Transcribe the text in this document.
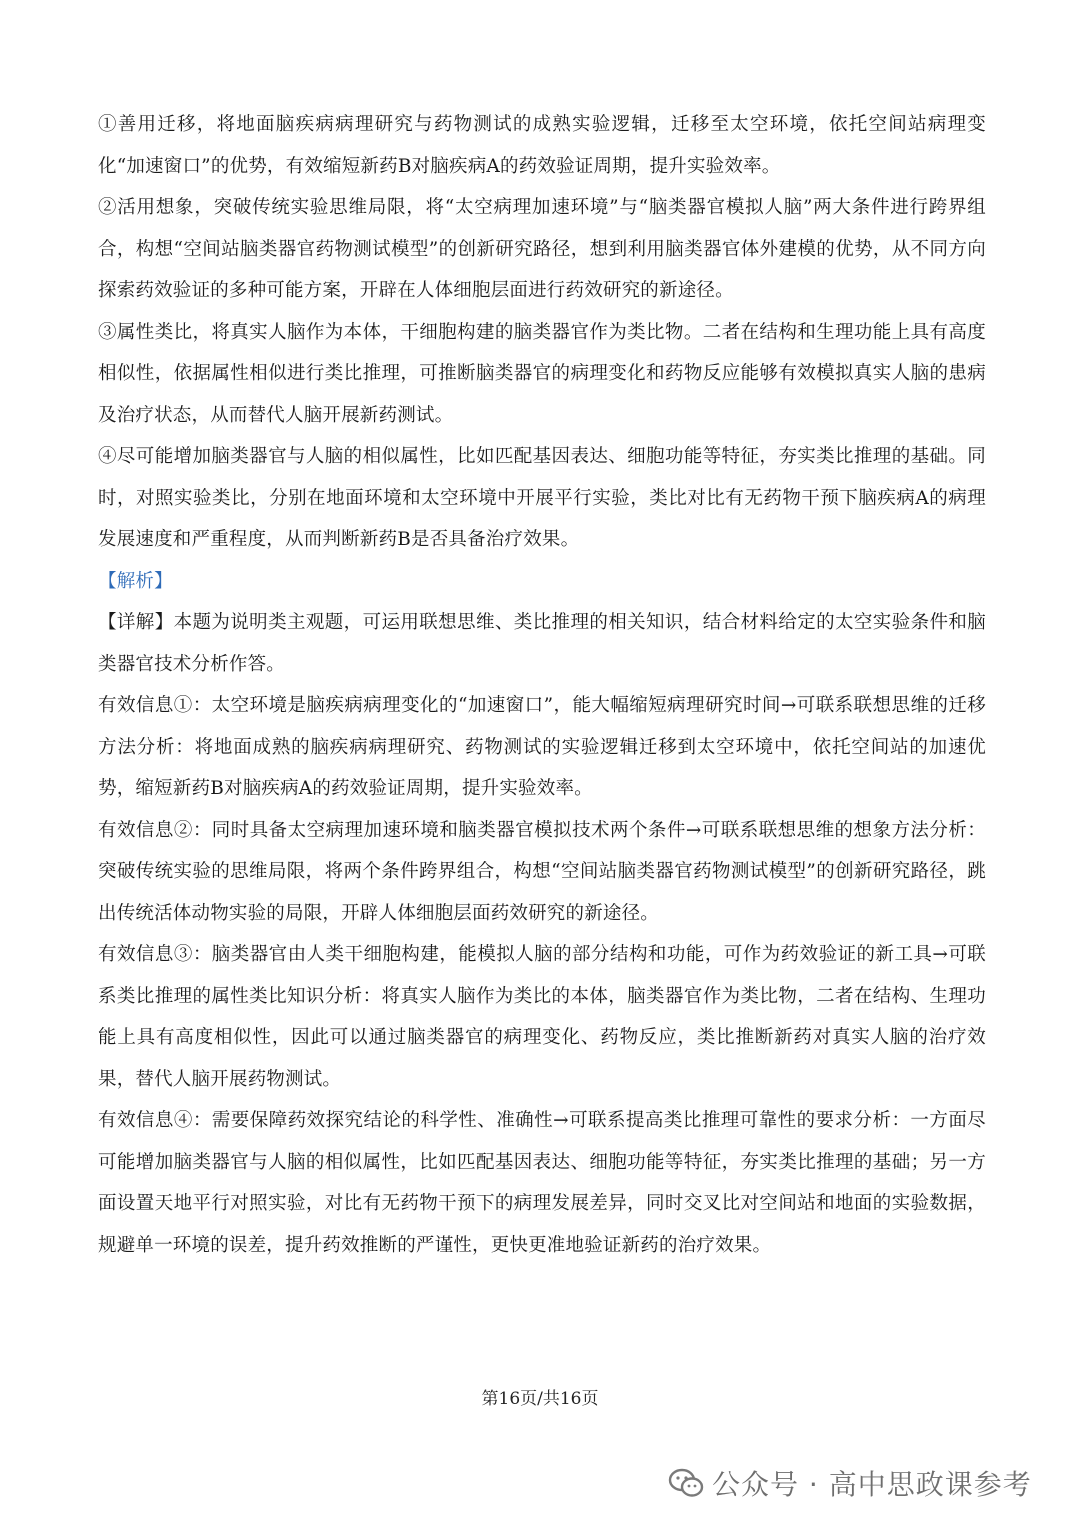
①善用迁移，将地面脑疾病病理研究与药物测试的成熟实验逻辑，迁移至太空环境，依托空间站病理变化“加速窗口”的优势，有效缩短新药B对脑疾病A的药效验证周期，提升实验效率。

②活用想象，突破传统实验思维局限，将“太空病理加速环境”与“脑类器官模拟人脑”两大条件进行跨界组合，构想“空间站脑类器官药物测试模型”的创新研究路径，想到利用脑类器官体外建模的优势，从不同方向探索药效验证的多种可能方案，开辟在人体细胞层面进行药效研究的新途径。

③属性类比，将真实人脑作为本体，干细胞构建的脑类器官作为类比物。二者在结构和生理功能上具有高度相似性，依据属性相似进行类比推理，可推断脑类器官的病理变化和药物反应能够有效模拟真实人脑的患病及治疗状态，从而替代人脑开展新药测试。

④尽可能增加脑类器官与人脑的相似属性，比如匹配基因表达、细胞功能等特征，夯实类比推理的基础。同时，对照实验类比，分别在地面环境和太空环境中开展平行实验，类比对比有无药物干预下脑疾病A的病理发展速度和严重程度，从而判断新药B是否具备治疗效果。

【解析】

【详解】本题为说明类主观题，可运用联想思维、类比推理的相关知识，结合材料给定的太空实验条件和脑类器官技术分析作答。

有效信息①：太空环境是脑疾病病理变化的“加速窗口”，能大幅缩短病理研究时间→可联系联想思维的迁移方法分析：将地面成熟的脑疾病病理研究、药物测试的实验逻辑迁移到太空环境中，依托空间站的加速优势，缩短新药B对脑疾病A的药效验证周期，提升实验效率。

有效信息②：同时具备太空病理加速环境和脑类器官模拟技术两个条件→可联系联想思维的想象方法分析：突破传统实验的思维局限，将两个条件跨界组合，构想“空间站脑类器官药物测试模型”的创新研究路径，跳出传统活体动物实验的局限，开辟人体细胞层面药效研究的新途径。

有效信息③：脑类器官由人类干细胞构建，能模拟人脑的部分结构和功能，可作为药效验证的新工具→可联系类比推理的属性类比知识分析：将真实人脑作为类比的本体，脑类器官作为类比物，二者在结构、生理功能上具有高度相似性，因此可以通过脑类器官的病理变化、药物反应，类比推断新药对真实人脑的治疗效果，替代人脑开展药物测试。

有效信息④：需要保障药效探究结论的科学性、准确性→可联系提高类比推理可靠性的要求分析：一方面尽可能增加脑类器官与人脑的相似属性，比如匹配基因表达、细胞功能等特征，夯实类比推理的基础；另一方面设置天地平行对照实验，对比有无药物干预下的病理发展差异，同时交叉比对空间站和地面的实验数据，规避单一环境的误差，提升药效推断的严谨性，更快更准地验证新药的治疗效果。

第16页/共16页
公众号 · 高中思政课参考
